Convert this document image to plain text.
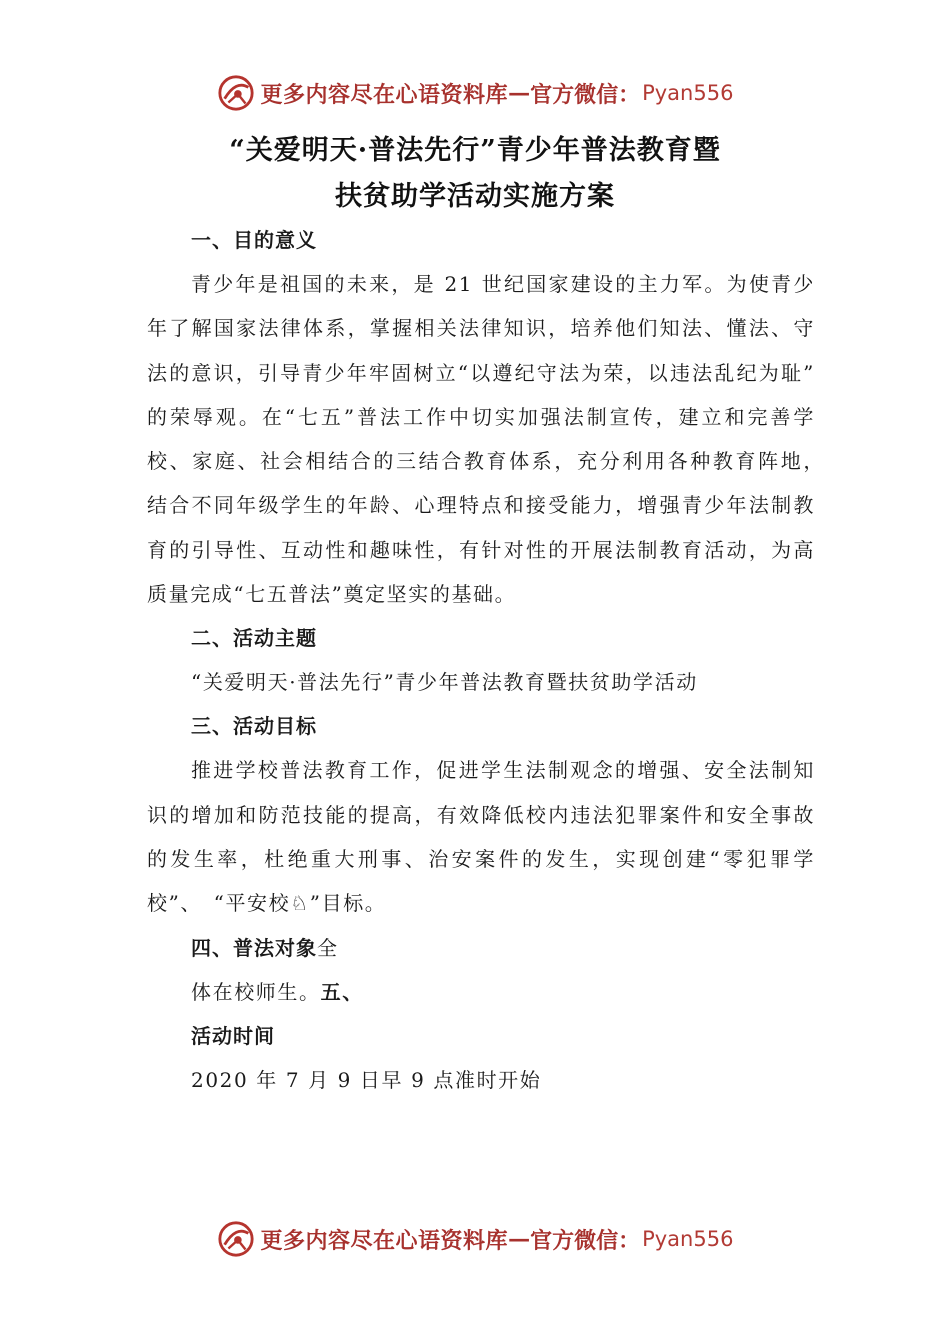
更多内容尽在心语资料库 — 官方微信： Pyan556
“关爱明天·普法先行”青少年普法教育暨
扶贫助学活动实施方案
一、目的意义
青少年是祖国的未来，是 21 世纪国家建设的主力军。为使青少年了解国家法律体系，掌握相关法律知识，培养他们知法、懂法、守法的意识，引导青少年牢固树立“以遵纪守法为荣，以违法乱纪为耻”　的荣辱观。在“七五”普法工作中切实加强法制宣传，建立和完善学校、家庭、社会相结合的三结合教育体系，充分利用各种教育阵地，　结合不同年级学生的年龄、心理特点和接受能力，增强青少年法制教育的引导性、互动性和趣味性，有针对性的开展法制教育活动，为高质量完成“七五普法”奠定坚实的基础。
二、活动主题
“关爱明天·普法先行”青少年普法教育暨扶贫助学活动
三、活动目标
推进学校普法教育工作，促进学生法制观念的增强、安全法制知识的增加和防范技能的提高，有效降低校内违法犯罪案件和安全事故的发生率，杜绝重大刑事、治安案件的发生，实现创建“零犯罪学校”、　“平安校♘”目标。
四、普法对象全
体在校师生。五、
活动时间
2020 年 7 月 9 日早 9 点准时开始
更多内容尽在心语资料库 — 官方微信： Pyan556
